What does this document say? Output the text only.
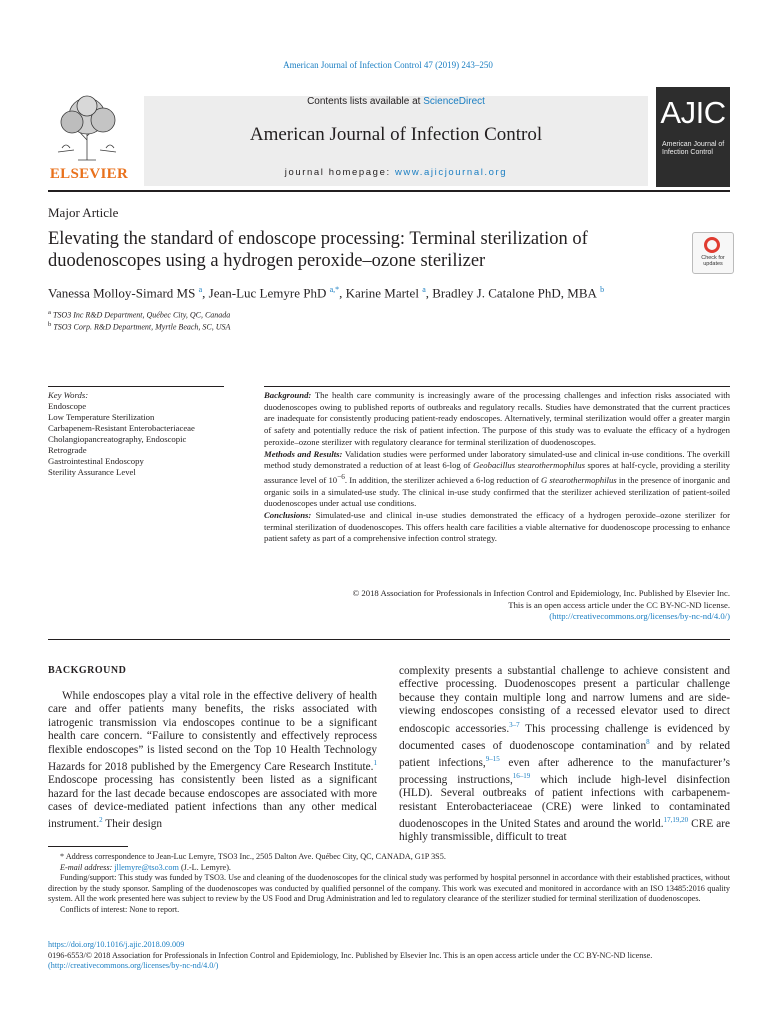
American Journal of Infection Control 47 (2019) 243–250
Contents lists available at ScienceDirect
American Journal of Infection Control
journal homepage: www.ajicjournal.org
ELSEVIER
AJIC
American Journal of Infection Control
Major Article
Elevating the standard of endoscope processing: Terminal sterilization of duodenoscopes using a hydrogen peroxide–ozone sterilizer	Check for updates
Vanessa Molloy-Simard MS $^a$, Jean-Luc Lemyre PhD $^{a,*}$, Karine Martel $^a$, Bradley J. Catalone PhD, MBA $^b$
$^a$ TSO3 Inc R&D Department, Québec City, QC, Canada
$^b$ TSO3 Corp. R&D Department, Myrtle Beach, SC, USA
Key Words:
Endoscope
Low Temperature Sterilization
Carbapenem-Resistant Enterobacteriaceae
Cholangiopancreatography, Endoscopic Retrograde
Gastrointestinal Endoscopy
Sterility Assurance Level
Background: The health care community is increasingly aware of the processing challenges and infection risks associated with duodenoscopes owing to published reports of outbreaks and regulatory recalls. Studies have demonstrated that the current practices are inadequate for consistently producing patient-ready endoscopes. Alternatively, terminal sterilization would offer a greater margin of safety and potentially reduce the risk of patient infection. The purpose of this study was to evaluate the efficacy of a hydrogen peroxide–ozone sterilizer with regulatory clearance for terminal sterilization of duodenoscopes.
Methods and Results: Validation studies were performed under laboratory simulated-use and clinical in-use conditions. The overkill method study demonstrated a reduction of at least 6-log of Geobacillus stearothermophilus spores at half-cycle, providing a sterility assurance level of $10^{-6}$. In addition, the sterilizer achieved a 6-log reduction of G stearothermophilus in the presence of inorganic and organic soils in a simulated-use study. The clinical in-use study confirmed that the sterilizer achieved sterilization of patient-soiled duodenoscopes under actual use conditions.
Conclusions: Simulated-use and clinical in-use studies demonstrated the efficacy of a hydrogen peroxide–ozone sterilizer for terminal sterilization of duodenoscopes. This offers health care facilities a viable alternative for duodenoscope processing to enhance patient safety as part of a comprehensive infection control strategy.
© 2018 Association for Professionals in Infection Control and Epidemiology, Inc. Published by Elsevier Inc.
This is an open access article under the CC BY-NC-ND license.
(http://creativecommons.org/licenses/by-nc-nd/4.0/)
BACKGROUND

While endoscopes play a vital role in the effective delivery of health care and offer patients many benefits, the risks associated with iatrogenic transmission via endoscopes continue to be a significant health care concern. “Failure to consistently and effectively reprocess flexible endoscopes” is listed second on the Top 10 Health Technology Hazards for 2018 published by the Emergency Care Research Institute.$^1$ Endoscope processing has consistently been listed as a significant hazard for the last decade because endoscopes are associated with more cases of device-mediated patient infections than any other medical instrument.$^2$ Their design

complexity presents a substantial challenge to achieve consistent and effective processing. Duodenoscopes present a particular challenge because they contain multiple long and narrow lumens and are side-viewing endoscopes consisting of a recessed elevator used to direct endoscopic accessories.$^{3-7}$ This processing challenge is evidenced by documented cases of duodenoscope contamination$^8$ and by related patient infections,$^{9-15}$ even after adherence to the manufacturer’s processing instructions,$^{16-19}$ which include high-level disinfection (HLD). Several outbreaks of patient infections with carbapenem-resistant Enterobacteriaceae (CRE) were linked to contaminated duodenoscopes in the United States and around the world.$^{17,19,20}$ CRE are highly transmissible, difficult to treat

* Address correspondence to Jean-Luc Lemyre, TSO3 Inc., 2505 Dalton Ave. Québec City, QC, CANADA, G1P 3S5.

E-mail address: jllemyre@tso3.com (J.-L. Lemyre).

Funding/support: This study was funded by TSO3. Use and cleaning of the duodenoscopes for the clinical study was performed by hospital personnel in accordance with their established practices, without direction by the study sponsor. Sampling of the duodenoscopes was conducted by qualified personnel of the company. This work was executed and monitored in accordance with an ISO 13485:2016 quality system. All the work presented here was subject to review by the US Food and Drug Administration and led to regulatory clearance of the sterilizer studied for terminal sterilization of duodenoscopes.

Conflicts of interest: None to report.

https://doi.org/10.1016/j.ajic.2018.09.009
0196-6553/© 2018 Association for Professionals in Infection Control and Epidemiology, Inc. Published by Elsevier Inc. This is an open access article under the CC BY-NC-ND license.
(http://creativecommons.org/licenses/by-nc-nd/4.0/)
